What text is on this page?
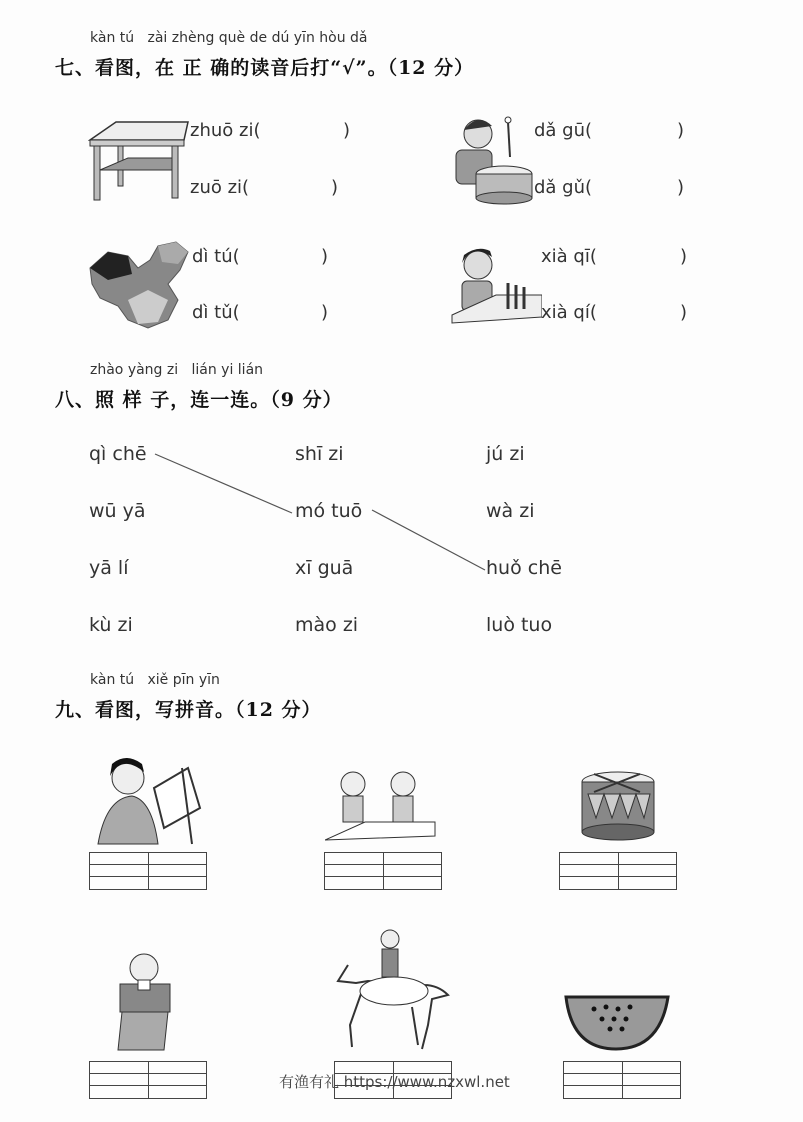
kàn tú   zài zhèng què de dú yīn hòu dǎ
七、看图，在 正 确的读音后打“√”。（12 分）
zhuō zi(	)
zuō zi(	)
dǎ gū(	)
dǎ gǔ(	)
dì tú(	)
dì tǔ(	)
xià qī(	)
xià qí(	)
zhào yàng zi   lián yi lián
八、照 样 子，连一连。（9 分）
qì chē
wū yā
yā lí
kù zi
shī zi
mó tuō
xī guā
mào zi
jú zi
wà zi
huǒ chē
luò tuo
kàn tú   xiě pīn yīn
九、看图，写拼音。（12 分）
有渔有礼 https://www.nzxwl.net
